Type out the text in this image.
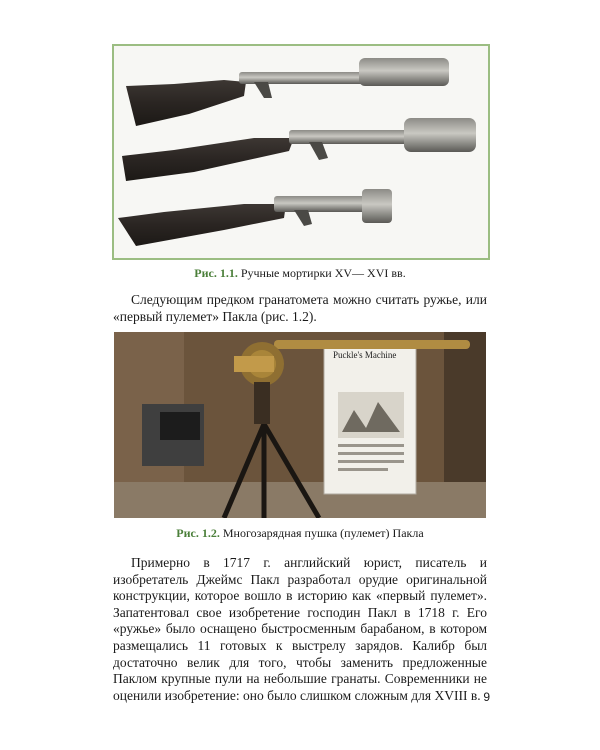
Рис. 1.1. Ручные мортирки XV— XVI вв.

Следующим предком гранатомета можно считать ружье, или «первый пулемет» Пакла (рис. 1.2).

Puckle's Machine
Рис. 1.2. Многозарядная пушка (пулемет) Пакла

Примерно в 1717 г. английский юрист, писатель и изобретатель Джеймс Пакл разработал орудие оригинальной конструкции, которое вошло в историю как «первый пулемет». Запатентовал свое изобретение господин Пакл в 1718 г. Его «ружье» было оснащено быстросменным барабаном, в котором размещались 11 готовых к выстрелу зарядов. Калибр был достаточно велик для того, чтобы заменить предложенные Паклом крупные пули на небольшие гранаты. Современники не оценили изобретение: оно было слишком сложным для XVIII в. 9
